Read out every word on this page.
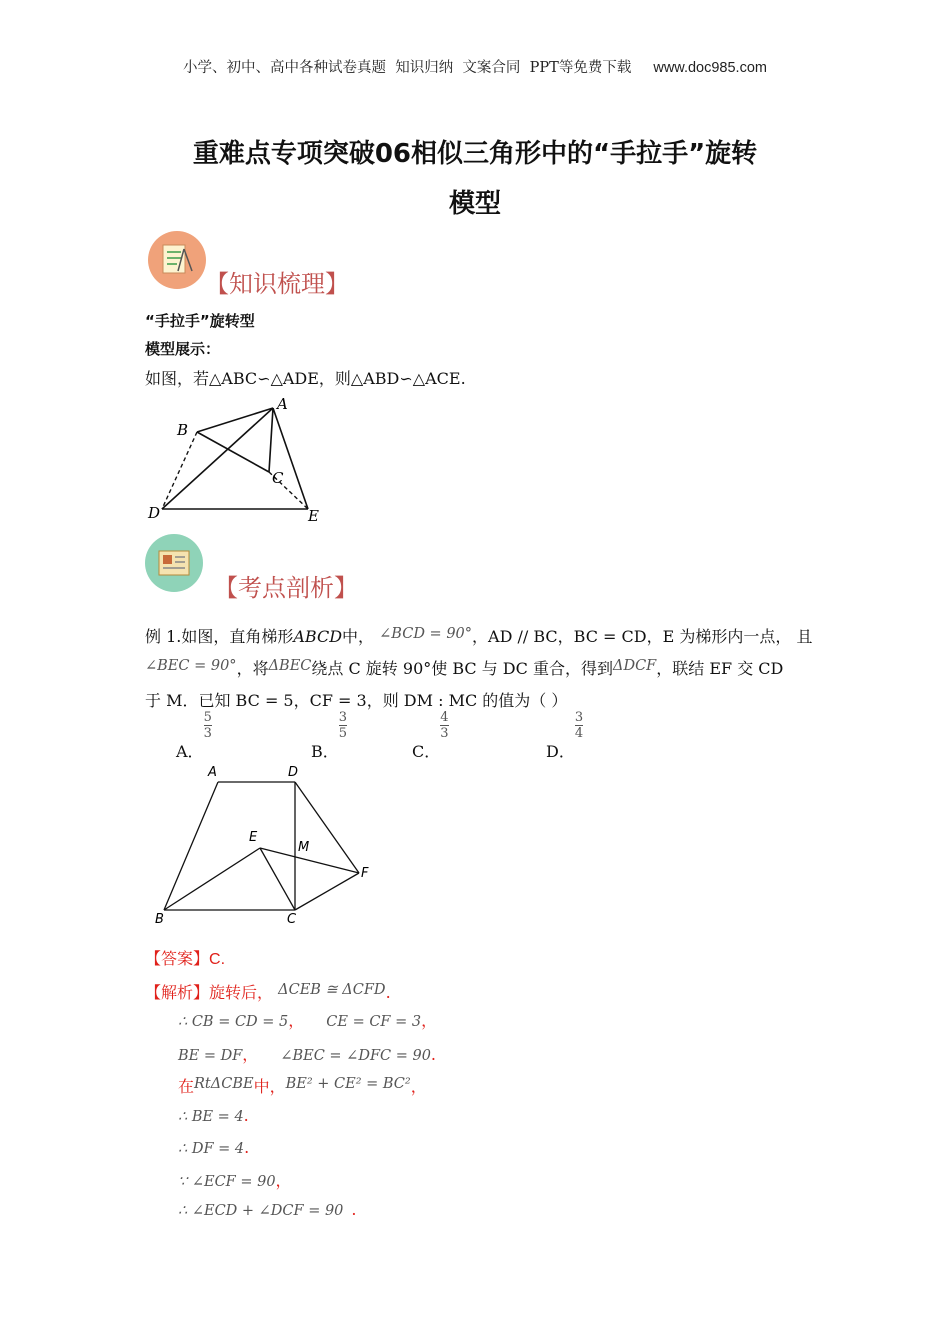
小学、初中、高中各种试卷真题  知识归纳  文案合同  PPT等免费下载 www.doc985.com
重难点专项突破06相似三角形中的“手拉手”旋转
模型
【知识梳理】
“手拉手”旋转型
模型展示：
如图，若△ABC∽△ADE，则△ABD∽△ACE.
A
B
C
D	E
【考点剖析】
例 1.如图，直角梯形ABCD中， ∠BCD = 90°，AD // BC，BC = CD，E 为梯形内一点， 且
∠BEC = 90°，将ΔBEC绕点 C 旋转 90°使 BC 与 DC 重合，得到ΔDCF，联结 EF 交 CD
于 M．已知 BC = 5，CF = 3，则 DM : MC 的值为（ ）
A．
$\frac{5}{3}$
B．
$\frac{3}{5}$
C．
$\frac{4}{3}$
D．
$\frac{3}{4}$
A	D
E
M
F
B	C
【答案】C.
【解析】旋转后， ΔCEB ≅ ΔCFD.
∴ CB = CD = 5， CE = CF = 3，
BE = DF， ∠BEC = ∠DFC = 90.
在RtΔCBE中，BE² + CE² = BC²，
∴ BE = 4.
∴ DF = 4.
∵ ∠ECF = 90，
∴ ∠ECD + ∠DCF = 90 .
